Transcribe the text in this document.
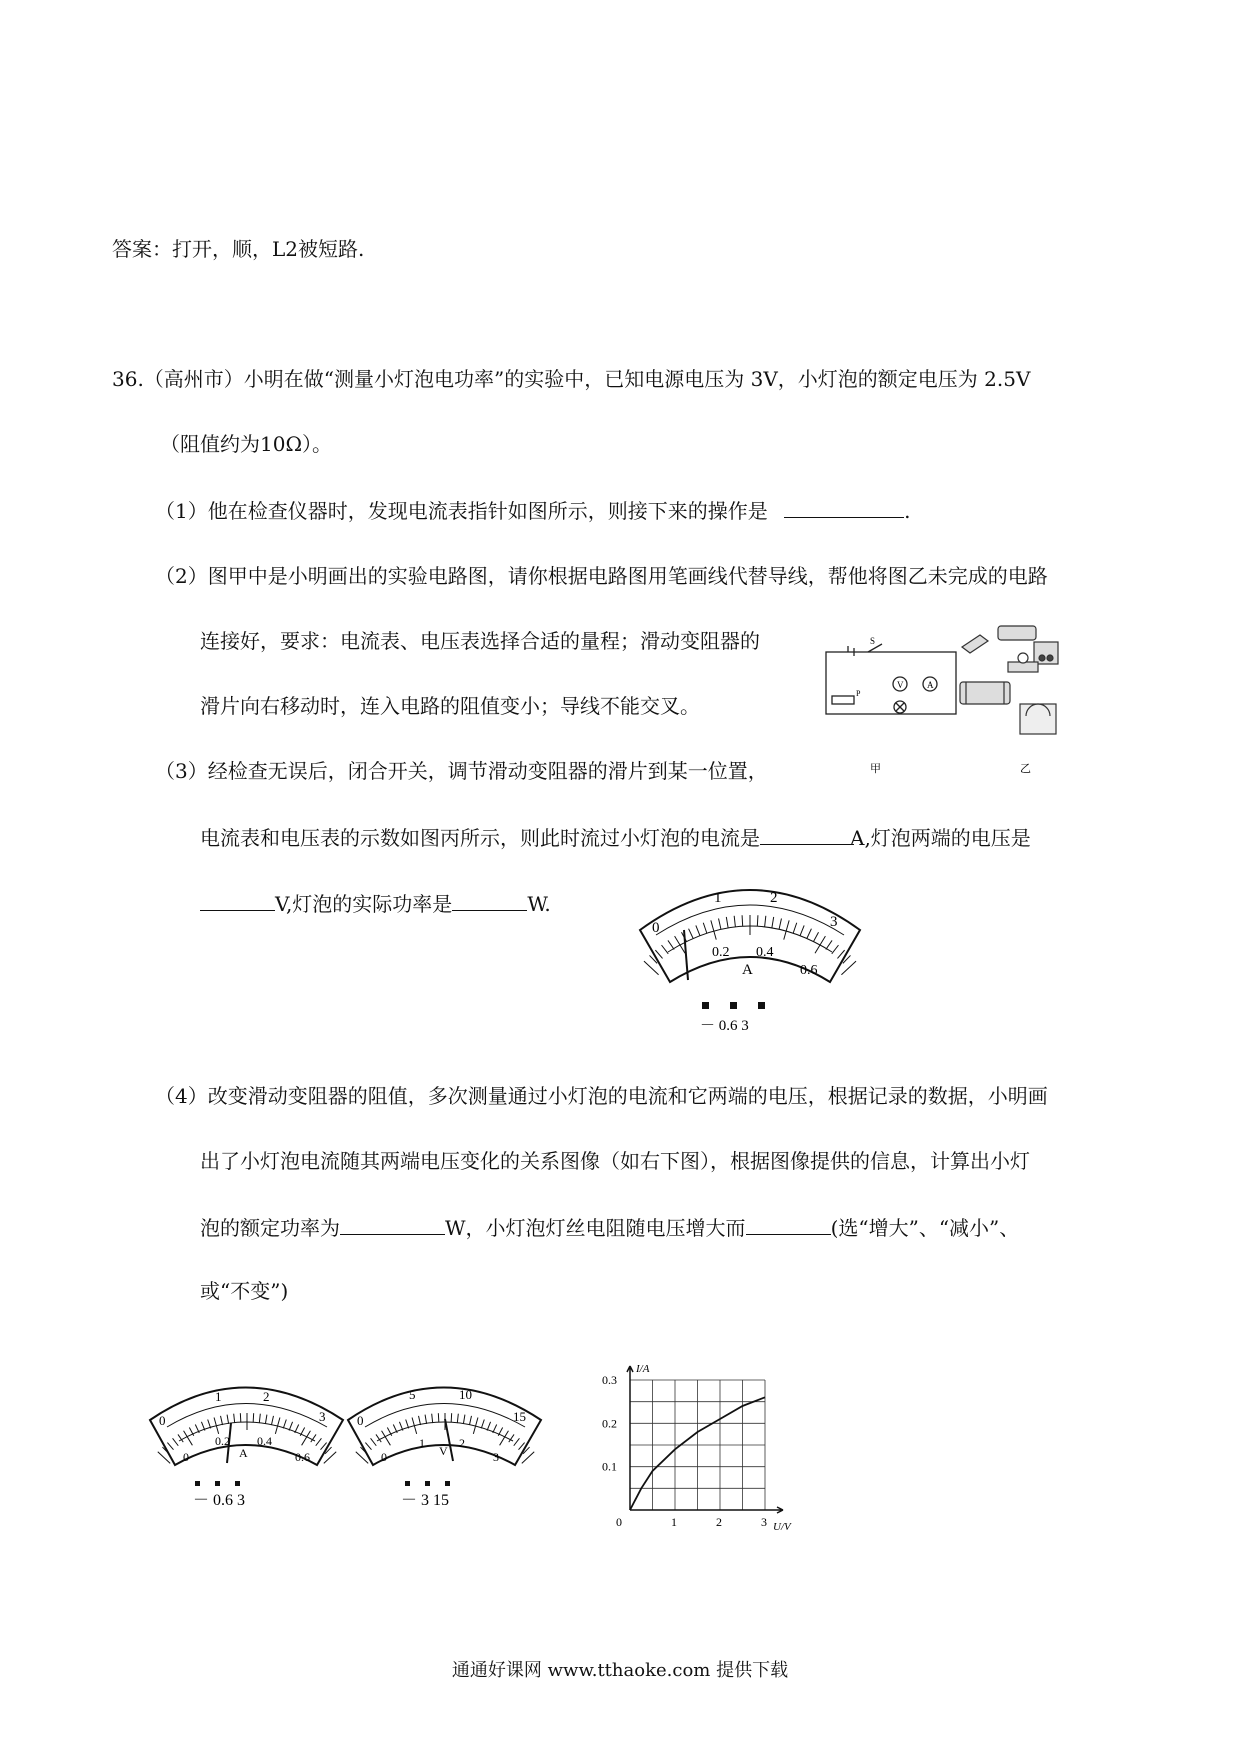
答案：打开，顺，L2被短路.
36.（高州市）小明在做“测量小灯泡电功率”的实验中，已知电源电压为 3V，小灯泡的额定电压为 2.5V
（阻值约为10Ω）。
（1）他在检查仪器时，发现电流表指针如图所示，则接下来的操作是	.
（2）图甲中是小明画出的实验电路图，请你根据电路图用笔画线代替导线，帮他将图乙未完成的电路
连接好，要求：电流表、电压表选择合适的量程；滑动变阻器的
滑片向右移动时，连入电路的阻值变小；导线不能交叉。
（3）经检查无误后，闭合开关，调节滑动变阻器的滑片到某一位置，
电流表和电压表的示数如图丙所示，则此时流过小灯泡的电流是	A,灯泡两端的电压是
V,灯泡的实际功率是	W.
（4）改变滑动变阻器的阻值，多次测量通过小灯泡的电流和它两端的电压，根据记录的数据，小明画
出了小灯泡电流随其两端电压变化的关系图像（如右下图），根据图像提供的信息，计算出小灯
泡的额定功率为	W，小灯泡灯丝电阻随电压增大而	(选“增大”、“减小”、
或“不变”)
S
V	A
P
甲	乙
0
1	2
3
0.2 0.4
0.6
A
－ 0.6 3
0
1	2
3
0
0.2 0.4
0.6
A
－ 0.6 3
0
5	10
15
0
1	2
3
V
－ 3 15
1	2	3
0.1
0.2
0.3
U/V
I/A
0
通通好课网 www.tthaoke.com 提供下载
